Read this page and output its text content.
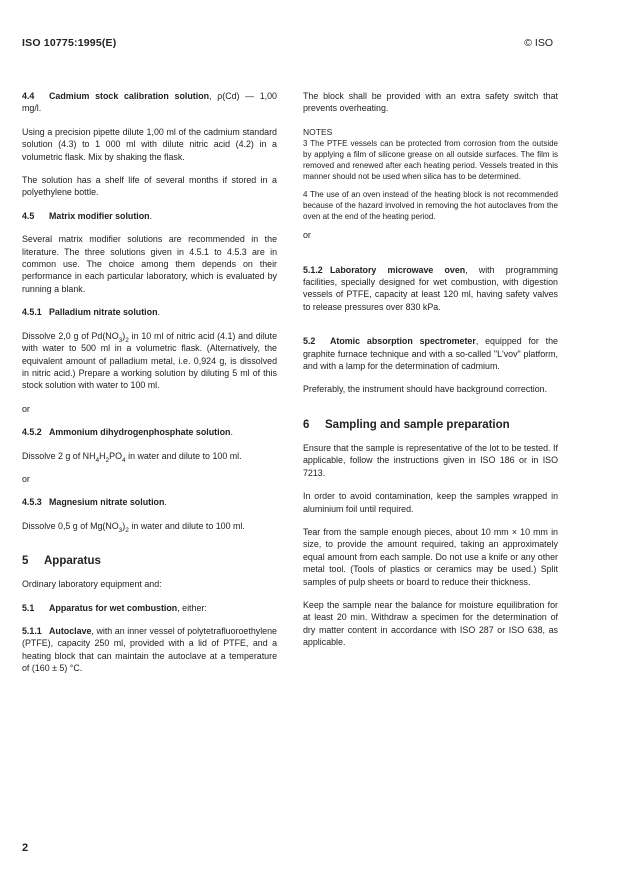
ISO 10775:1995(E)	© ISO

4.4 Cadmium stock calibration solution, ρ(Cd) — 1,00 mg/l.

Using a precision pipette dilute 1,00 ml of the cadmium standard solution (4.3) to 1 000 ml with dilute nitric acid (4.2) in a volumetric flask. Mix by shaking the flask.

The solution has a shelf life of several months if stored in a polyethylene bottle.

4.5 Matrix modifier solution.

Several matrix modifier solutions are recommended in the literature. The three solutions given in 4.5.1 to 4.5.3 are in common use. The choice among them depends on their performance in each particular laboratory, which is evaluated by running a blank.

4.5.1 Palladium nitrate solution.

Dissolve 2,0 g of $Pd(NO_3)_2$ in 10 ml of nitric acid (4.1) and dilute with water to 500 ml in a volumetric flask. (Alternatively, the equivalent amount of palladium metal, i.e. 0,924 g, is dissolved in nitric acid.) Prepare a working solution by diluting 5 ml of this stock solution with water to 100 ml.

or

4.5.2 Ammonium dihydrogenphosphate solution.

Dissolve 2 g of $NH_4H_2PO_4$ in water and dilute to 100 ml.

or

4.5.3 Magnesium nitrate solution.

Dissolve 0,5 g of $Mg(NO_3)_2$ in water and dilute to 100 ml.

5 Apparatus

Ordinary laboratory equipment and:

5.1 Apparatus for wet combustion, either:

5.1.1 Autoclave, with an inner vessel of polytetrafluoroethylene (PTFE), capacity 250 ml, provided with a lid of PTFE, and a heating block that can maintain the autoclave at a temperature of (160 ± 5) °C.

The block shall be provided with an extra safety switch that prevents overheating.

NOTES

3 The PTFE vessels can be protected from corrosion from the outside by applying a film of silicone grease on all outside surfaces. The film is removed and renewed after each heating period. Vessels treated in this manner should not be used when silica has to be determined.

4 The use of an oven instead of the heating block is not recommended because of the hazard involved in removing the hot autoclaves from the oven at the end of the heating period.

or

5.1.2 Laboratory microwave oven, with programming facilities, specially designed for wet combustion, with digestion vessels of PTFE, capacity at least 120 ml, having safety valves to release pressures over 830 kPa.

5.2 Atomic absorption spectrometer, equipped for the graphite furnace technique and with a so-called "L'vov" platform, and with a lamp for the determination of cadmium.

Preferably, the instrument should have background correction.

6 Sampling and sample preparation

Ensure that the sample is representative of the lot to be tested. If applicable, follow the instructions given in ISO 186 or in ISO 7213.

In order to avoid contamination, keep the samples wrapped in aluminium foil until required.

Tear from the sample enough pieces, about 10 mm × 10 mm in size, to provide the amount required, taking an approximately equal amount from each sample. Do not use a knife or any other metal tool. (Tools of plastics or ceramics may be used.) Split samples of pulp sheets or board to reduce their thickness.

Keep the sample near the balance for moisture equilibration for at least 20 min. Withdraw a specimen for the determination of dry matter content in accordance with ISO 287 or ISO 638, as applicable.

2
